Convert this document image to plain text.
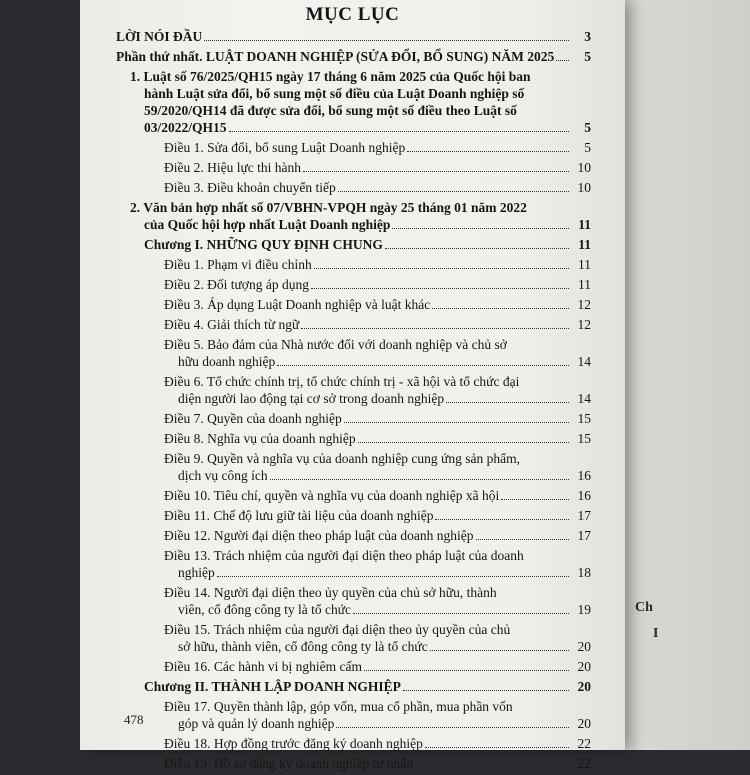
Ch
I
MỤC LỤC
LỜI NÓI ĐẦU	3
Phần thứ nhất. LUẬT DOANH NGHIỆP (SỬA ĐỔI, BỔ SUNG) NĂM 2025	5
1. Luật số 76/2025/QH15 ngày 17 tháng 6 năm 2025 của Quốc hội ban
hành Luật sửa đổi, bổ sung một số điều của Luật Doanh nghiệp số
59/2020/QH14 đã được sửa đổi, bổ sung một số điều theo Luật số
03/2022/QH15	5
Điều 1. Sửa đổi, bổ sung Luật Doanh nghiệp	5
Điều 2. Hiệu lực thi hành	10
Điều 3. Điều khoản chuyển tiếp	10
2. Văn bản hợp nhất số 07/VBHN-VPQH ngày 25 tháng 01 năm 2022
của Quốc hội hợp nhất Luật Doanh nghiệp	11
Chương I. NHỮNG QUY ĐỊNH CHUNG	11
Điều 1. Phạm vi điều chỉnh	11
Điều 2. Đối tượng áp dụng	11
Điều 3. Áp dụng Luật Doanh nghiệp và luật khác	12
Điều 4. Giải thích từ ngữ	12
Điều 5. Bảo đảm của Nhà nước đối với doanh nghiệp và chủ sở
hữu doanh nghiệp	14
Điều 6. Tổ chức chính trị, tổ chức chính trị - xã hội và tổ chức đại
diện người lao động tại cơ sở trong doanh nghiệp	14
Điều 7. Quyền của doanh nghiệp	15
Điều 8. Nghĩa vụ của doanh nghiệp	15
Điều 9. Quyền và nghĩa vụ của doanh nghiệp cung ứng sản phẩm,
dịch vụ công ích	16
Điều 10. Tiêu chí, quyền và nghĩa vụ của doanh nghiệp xã hội	16
Điều 11. Chế độ lưu giữ tài liệu của doanh nghiệp	17
Điều 12. Người đại diện theo pháp luật của doanh nghiệp	17
Điều 13. Trách nhiệm của người đại diện theo pháp luật của doanh
nghiệp	18
Điều 14. Người đại diện theo ủy quyền của chủ sở hữu, thành
viên, cổ đông công ty là tổ chức	19
Điều 15. Trách nhiệm của người đại diện theo ủy quyền của chủ
sở hữu, thành viên, cổ đông công ty là tổ chức	20
Điều 16. Các hành vi bị nghiêm cấm	20
Chương II. THÀNH LẬP DOANH NGHIỆP	20
Điều 17. Quyền thành lập, góp vốn, mua cổ phần, mua phần vốn
góp và quản lý doanh nghiệp	20
Điều 18. Hợp đồng trước đăng ký doanh nghiệp	22
Điều 19. Hồ sơ đăng ký doanh nghiệp tư nhân	22
478
